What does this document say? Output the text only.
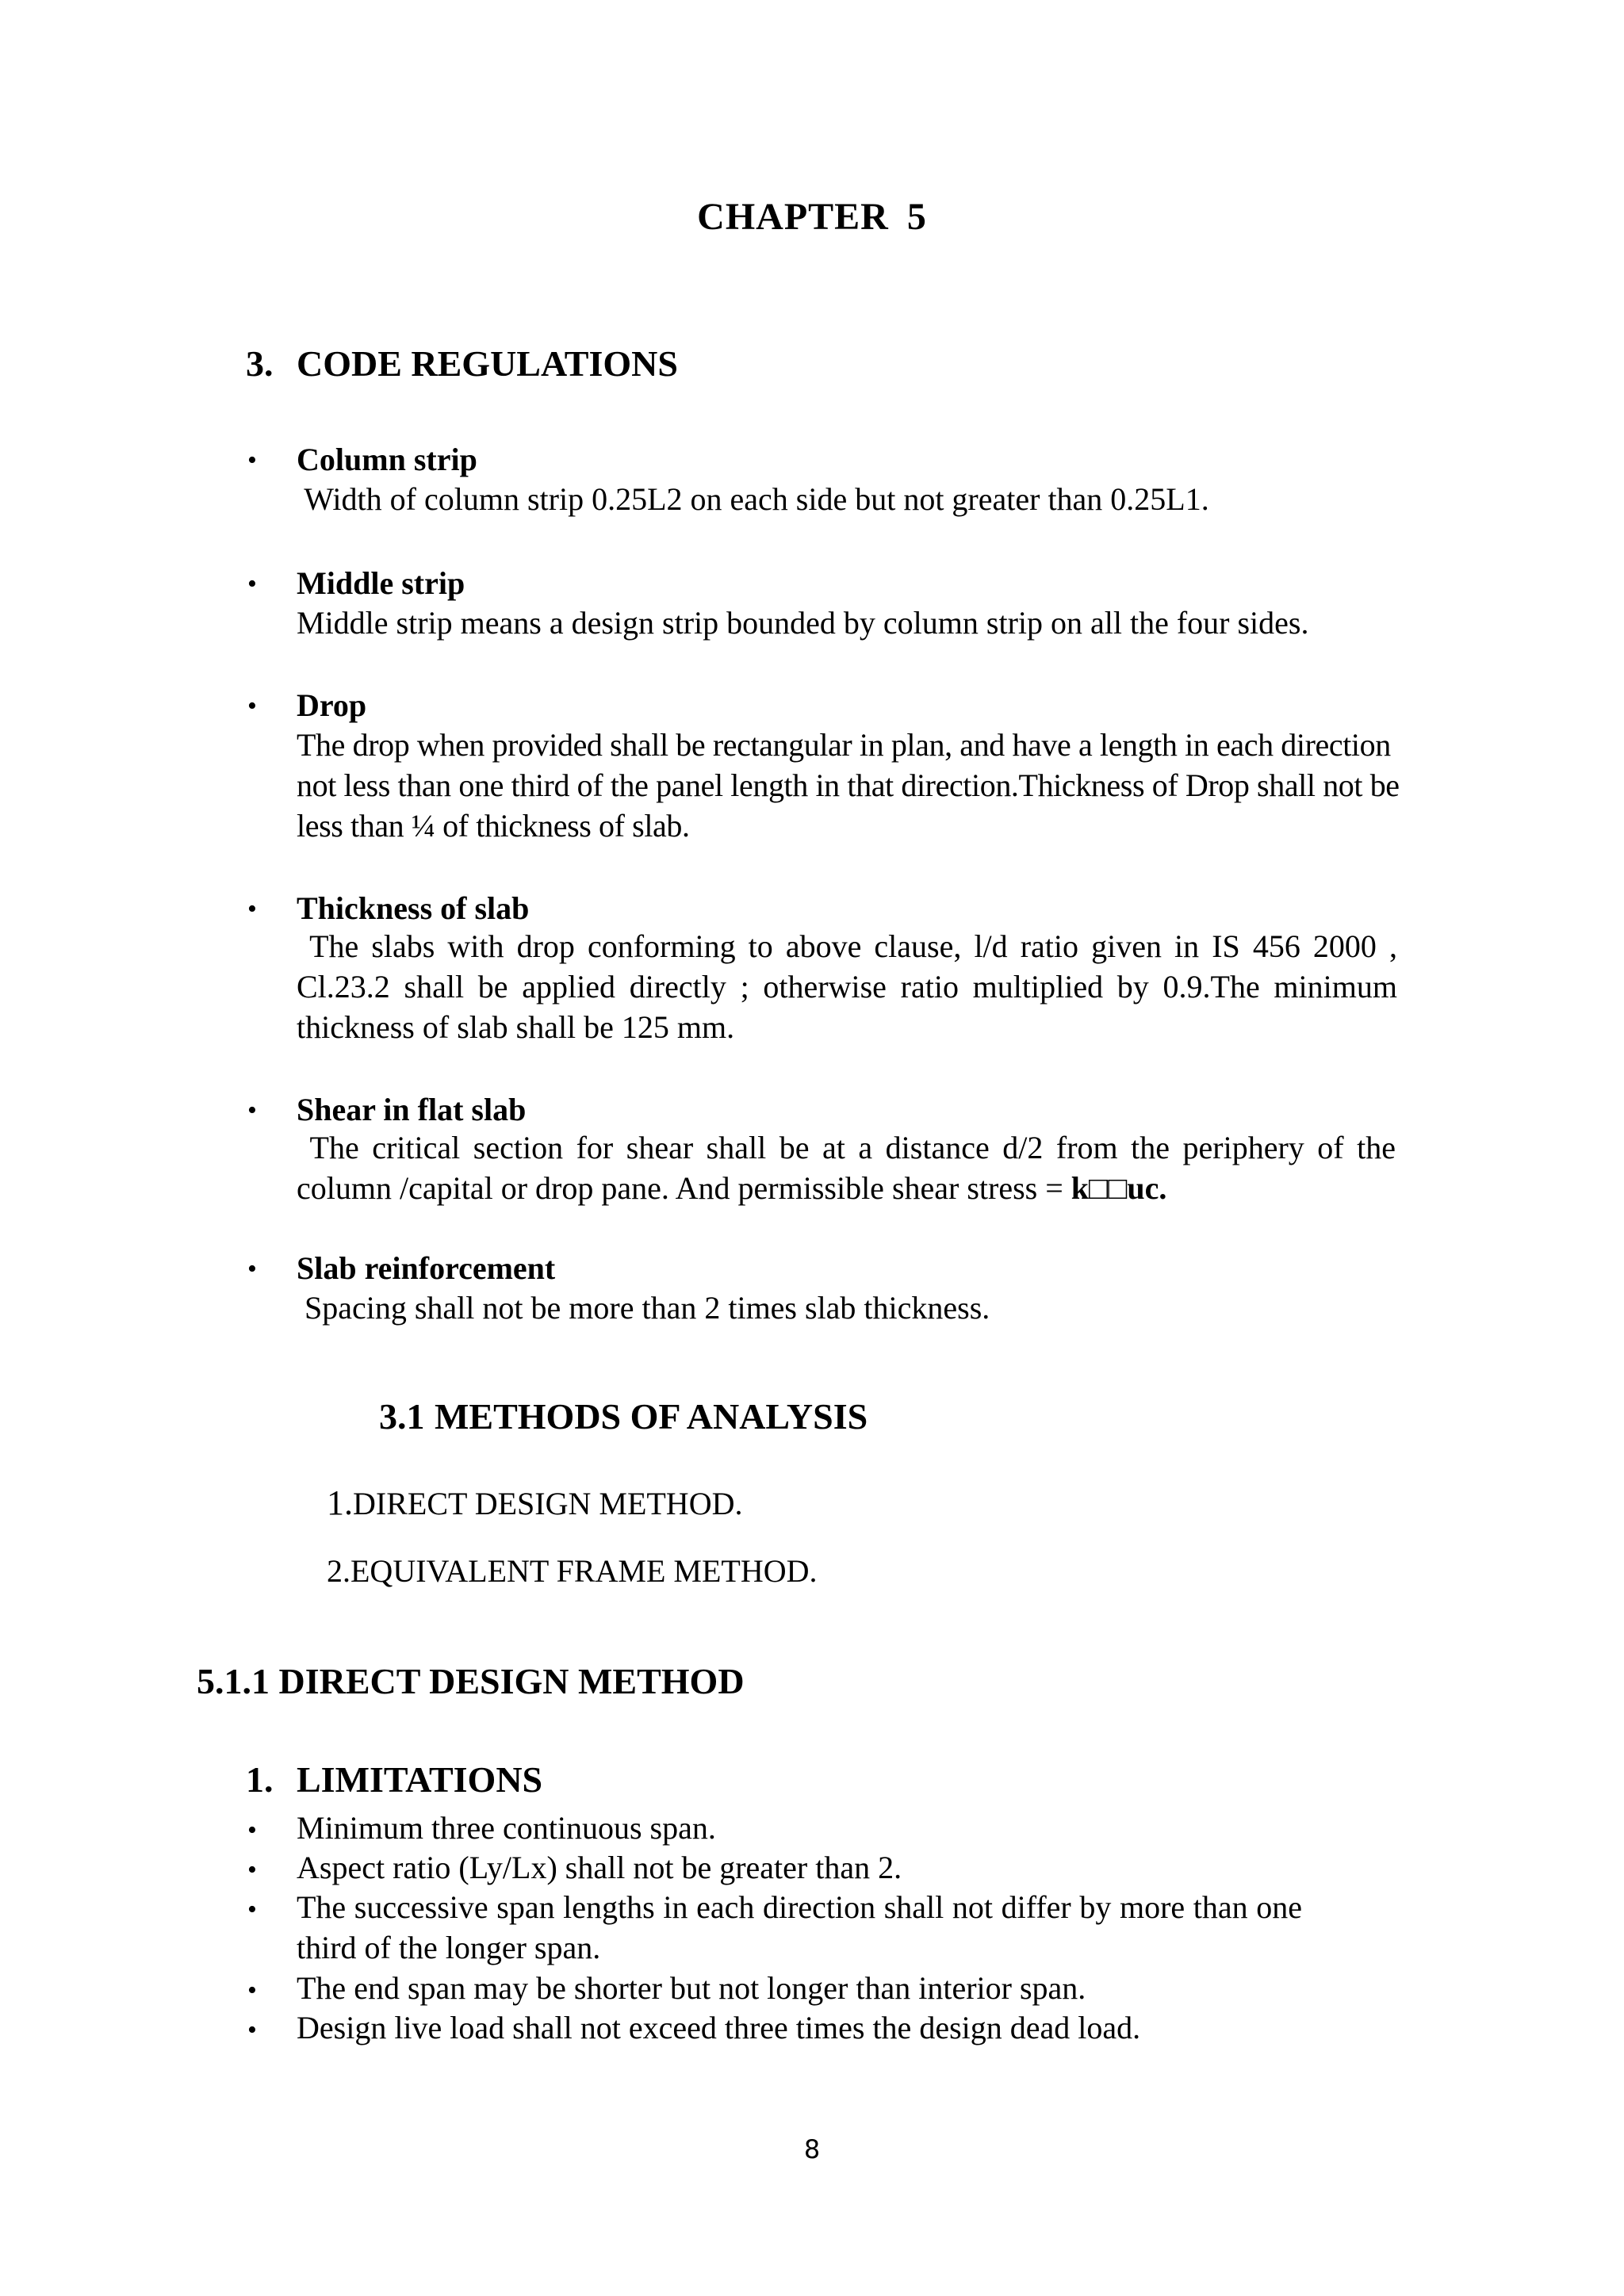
CHAPTER 5
3. CODE REGULATIONS
• Column strip
Width of column strip 0.25L2 on each side but not greater than 0.25L1.
• Middle strip
Middle strip means a design strip bounded by column strip on all the four sides.
• Drop
The drop when provided shall be rectangular in plan, and have a length in each direction not less than one third of the panel length in that direction.Thickness of Drop shall not be less than ¼ of thickness of slab.
• Thickness of slab
The slabs with drop conforming to above clause, l/d ratio given in IS 456 2000 , Cl.23.2 shall be applied directly ; otherwise ratio multiplied by 0.9.The minimum thickness of slab shall be 125 mm.
• Shear in flat slab
The critical section for shear shall be at a distance d/2 from the periphery of the column /capital or drop pane. And permissible shear stress = k□□uc.
• Slab reinforcement
Spacing shall not be more than 2 times slab thickness.
3.1 METHODS OF ANALYSIS
1.DIRECT DESIGN METHOD.
2.EQUIVALENT FRAME METHOD.
5.1.1 DIRECT DESIGN METHOD
1. LIMITATIONS
• Minimum three continuous span.
• Aspect ratio (Ly/Lx) shall not be greater than 2.
• The successive span lengths in each direction shall not differ by more than one third of the longer span.
• The end span may be shorter but not longer than interior span.
• Design live load shall not exceed three times the design dead load.
8
